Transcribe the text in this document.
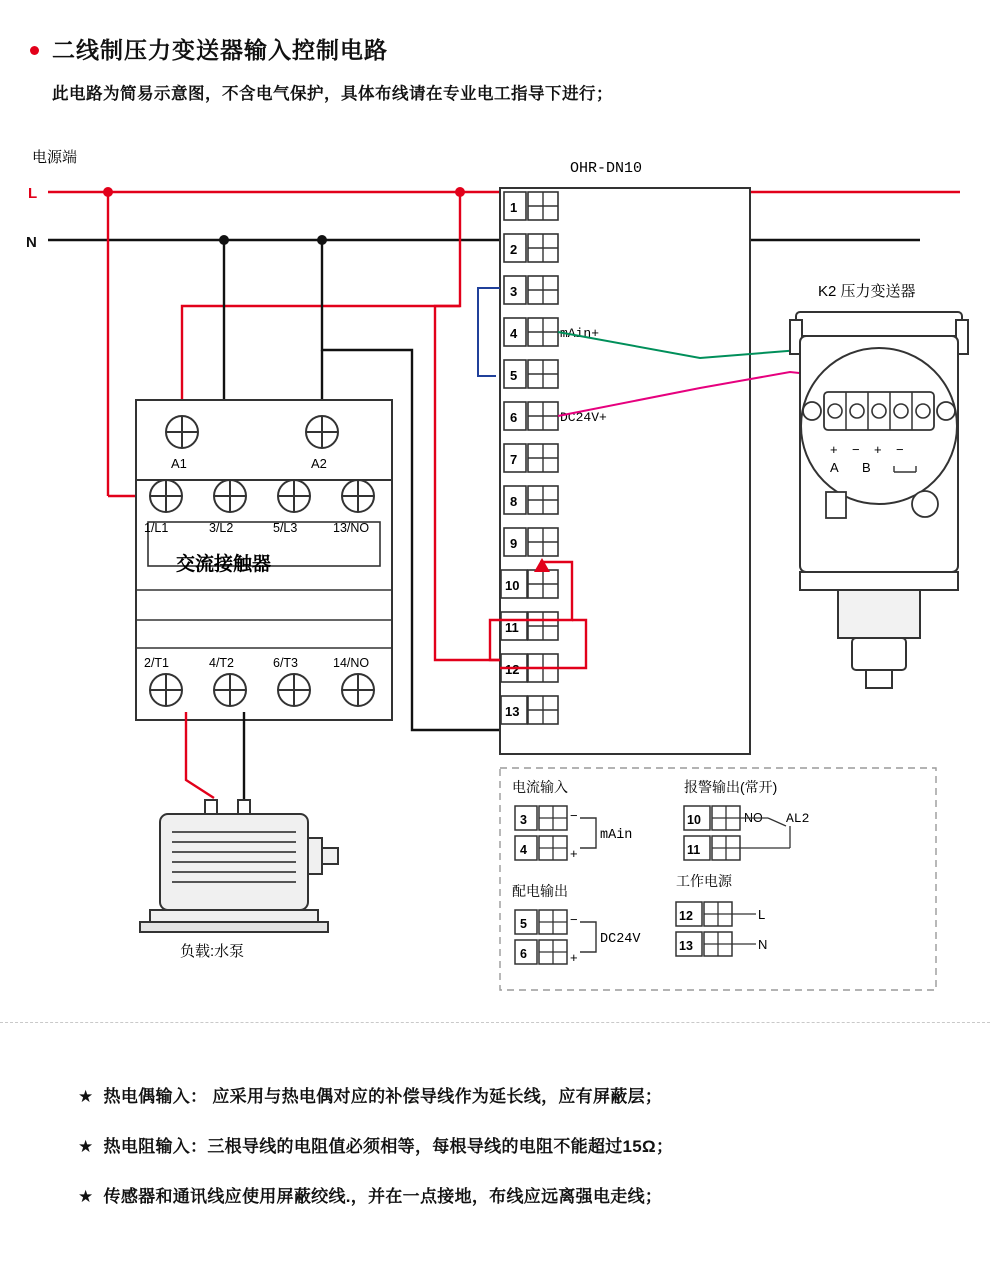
二线制压力变送器输入控制电路
此电路为简易示意图，不含电气保护，具体布线请在专业电工指导下进行；
电源端
L
N
A1	A2
1/L1	3/L2	5/L3	13/NO
交流接触器
2/T1	4/T2	6/T3	14/NO
负载:水泵
OHR-DN10
1
2
3
4
5
6
7
8
9
10
11
12
13
mAin+
DC24V+
K2 压力变送器
+ − + −
A B
电流输入
3	−
4	+
mAin
报警输出(常开)
10	NO
11
AL2
配电输出
5	−
6	+
DC24V
工作电源
12	L
13	N
★ 热电偶输入： 应采用与热电偶对应的补偿导线作为延长线，应有屏蔽层；
★ 热电阻输入：三根导线的电阻值必须相等，每根导线的电阻不能超过15Ω；
★ 传感器和通讯线应使用屏蔽绞线.，并在一点接地，布线应远离强电走线；
